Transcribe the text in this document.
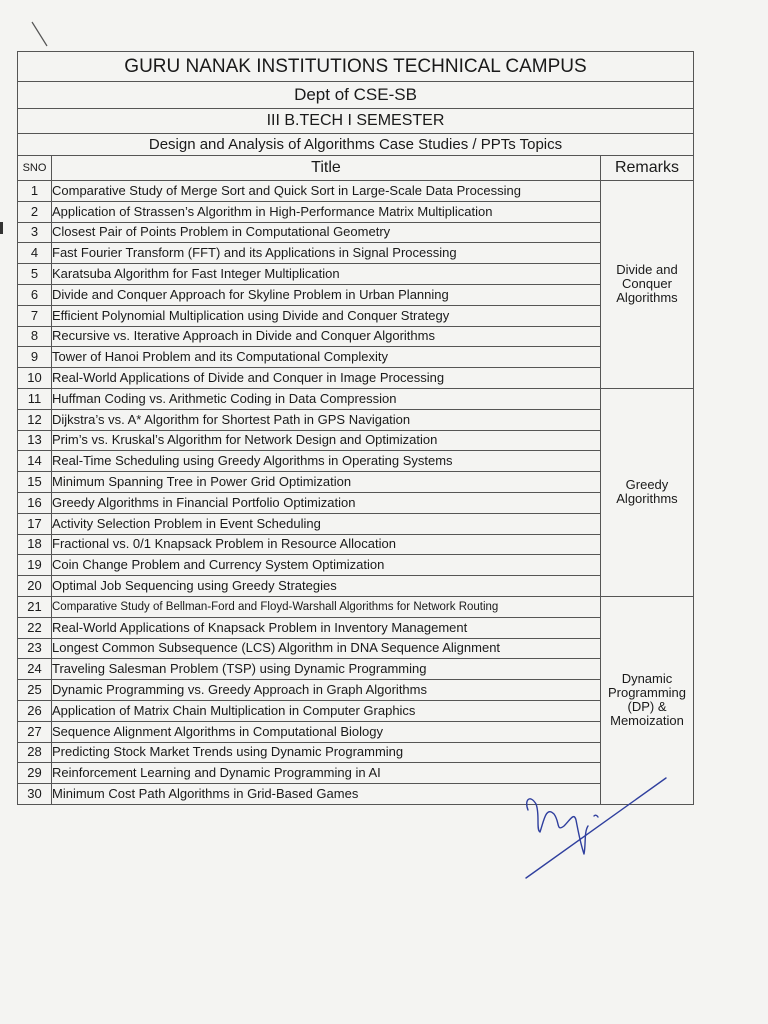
GURU NANAK INSTITUTIONS TECHNICAL CAMPUS		
Dept of CSE-SB		
III B.TECH I SEMESTER		
Design and Analysis of Algorithms Case Studies / PPTs Topics		
SNO	Title	Remarks
1	Comparative Study of Merge Sort and Quick Sort in Large-Scale Data Processing	Divide and
Conquer
Algorithms

2	Application of Strassen’s Algorithm in High-Performance Matrix Multiplication	
3	Closest Pair of Points Problem in Computational Geometry	
4	Fast Fourier Transform (FFT) and its Applications in Signal Processing	
5	Karatsuba Algorithm for Fast Integer Multiplication	
6	Divide and Conquer Approach for Skyline Problem in Urban Planning	
7	Efficient Polynomial Multiplication using Divide and Conquer Strategy	
8	Recursive vs. Iterative Approach in Divide and Conquer Algorithms	
9	Tower of Hanoi Problem and its Computational Complexity	
10	Real-World Applications of Divide and Conquer in Image Processing	
11	Huffman Coding vs. Arithmetic Coding in Data Compression	Greedy
Algorithms

12	Dijkstra’s vs. A* Algorithm for Shortest Path in GPS Navigation	
13	Prim’s vs. Kruskal’s Algorithm for Network Design and Optimization	
14	Real-Time Scheduling using Greedy Algorithms in Operating Systems	
15	Minimum Spanning Tree in Power Grid Optimization	
16	Greedy Algorithms in Financial Portfolio Optimization	
17	Activity Selection Problem in Event Scheduling	
18	Fractional vs. 0/1 Knapsack Problem in Resource Allocation	
19	Coin Change Problem and Currency System Optimization	
20	Optimal Job Sequencing using Greedy Strategies	
21	Comparative Study of Bellman-Ford and Floyd-Warshall Algorithms for Network Routing	Dynamic
Programming
(DP) &
Memoization

22	Real-World Applications of Knapsack Problem in Inventory Management	
23	Longest Common Subsequence (LCS) Algorithm in DNA Sequence Alignment	
24	Traveling Salesman Problem (TSP) using Dynamic Programming	
25	Dynamic Programming vs. Greedy Approach in Graph Algorithms	
26	Application of Matrix Chain Multiplication in Computer Graphics	
27	Sequence Alignment Algorithms in Computational Biology	
28	Predicting Stock Market Trends using Dynamic Programming	
29	Reinforcement Learning and Dynamic Programming in AI	
30	Minimum Cost Path Algorithms in Grid-Based Games	
